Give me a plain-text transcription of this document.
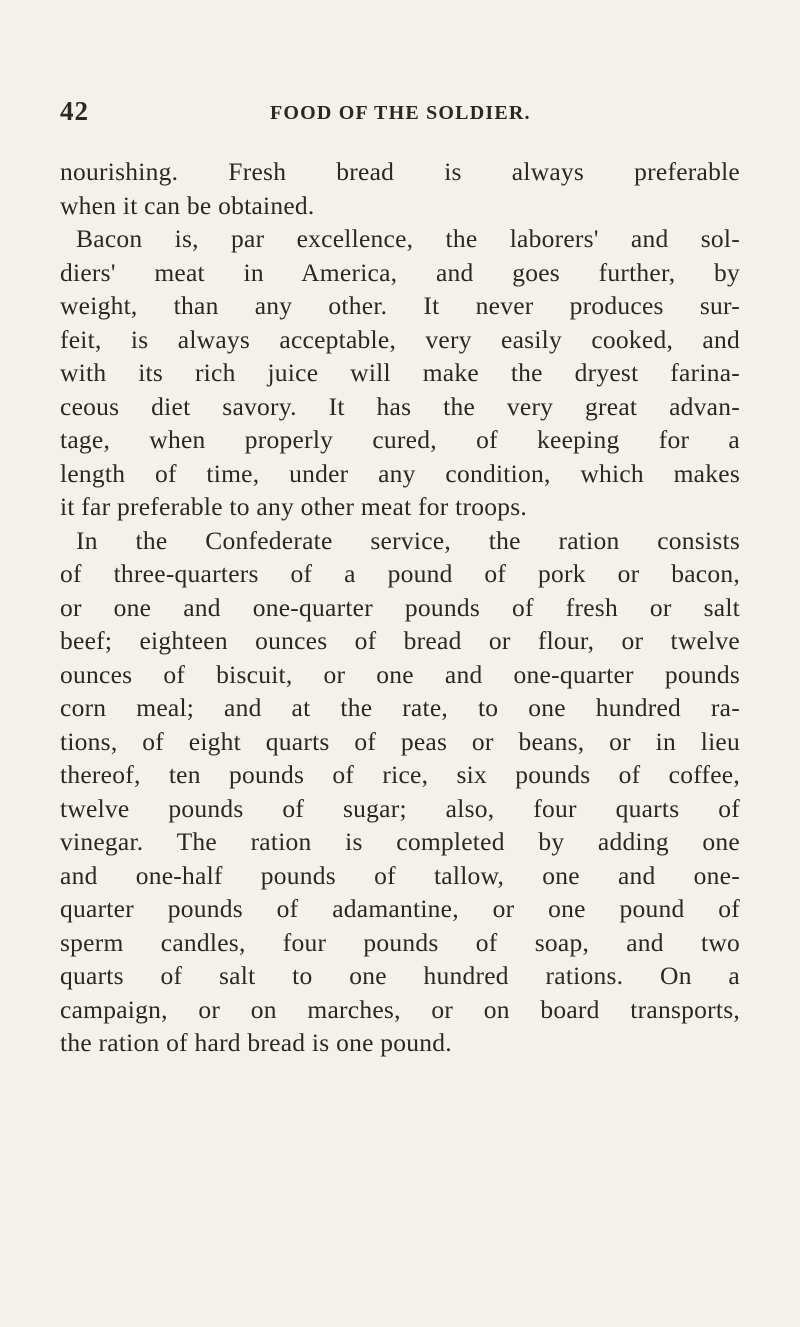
42	FOOD OF THE SOLDIER.
nourishing. Fresh bread is always preferable
when it can be obtained.
Bacon is, par excellence, the laborers' and sol-
diers' meat in America, and goes further, by
weight, than any other. It never produces sur-
feit, is always acceptable, very easily cooked, and
with its rich juice will make the dryest farina-
ceous diet savory. It has the very great advan-
tage, when properly cured, of keeping for a
length of time, under any condition, which makes
it far preferable to any other meat for troops.
In the Confederate service, the ration consists
of three-quarters of a pound of pork or bacon,
or one and one-quarter pounds of fresh or salt
beef; eighteen ounces of bread or flour, or twelve
ounces of biscuit, or one and one-quarter pounds
corn meal; and at the rate, to one hundred ra-
tions, of eight quarts of peas or beans, or in lieu
thereof, ten pounds of rice, six pounds of coffee,
twelve pounds of sugar; also, four quarts of
vinegar. The ration is completed by adding one
and one-half pounds of tallow, one and one-
quarter pounds of adamantine, or one pound of
sperm candles, four pounds of soap, and two
quarts of salt to one hundred rations. On a
campaign, or on marches, or on board transports,
the ration of hard bread is one pound.
